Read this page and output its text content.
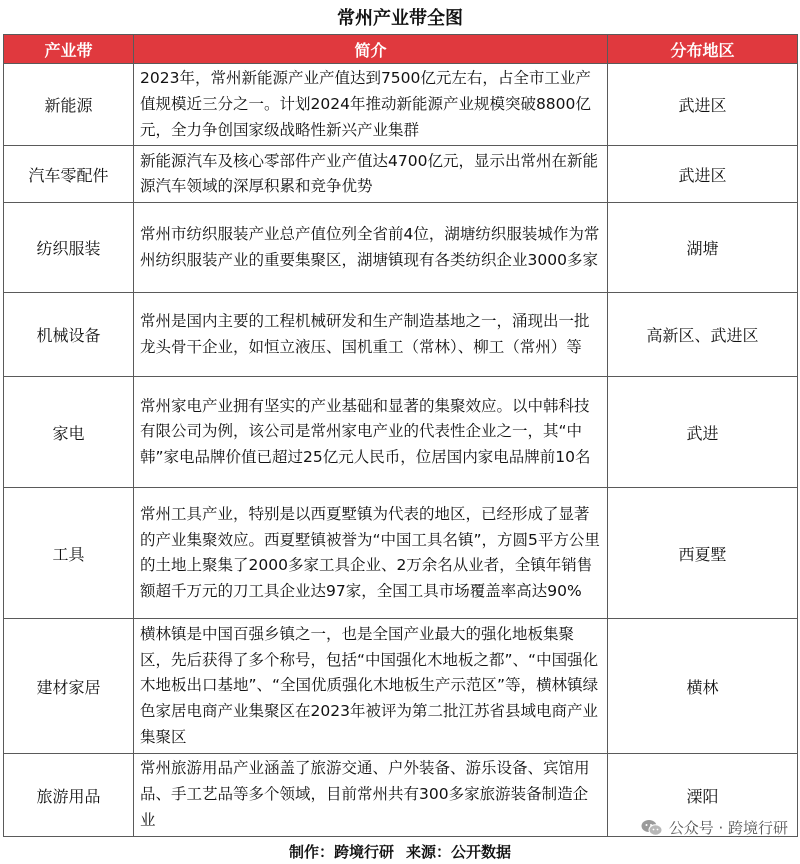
常州产业带全图
产业带	简介	分布地区
新能源	2023年，常州新能源产业产值达到7500亿元左右，占全市工业产值规模近三分之一。计划2024年推动新能源产业规模突破8800亿元，全力争创国家级战略性新兴产业集群	武进区
汽车零配件	新能源汽车及核心零部件产业产值达4700亿元，显示出常州在新能源汽车领域的深厚积累和竞争优势	武进区
纺织服装	常州市纺织服装产业总产值位列全省前4位，湖塘纺织服装城作为常州纺织服装产业的重要集聚区，湖塘镇现有各类纺织企业3000多家	湖塘
机械设备	常州是国内主要的工程机械研发和生产制造基地之一，涌现出一批龙头骨干企业，如恒立液压、国机重工（常林）、柳工（常州）等	高新区、武进区
家电	常州家电产业拥有坚实的产业基础和显著的集聚效应。以中韩科技有限公司为例，该公司是常州家电产业的代表性企业之一，其“中韩”家电品牌价值已超过25亿元人民币，位居国内家电品牌前10名	武进
工具	常州工具产业，特别是以西夏墅镇为代表的地区，已经形成了显著的产业集聚效应。西夏墅镇被誉为“中国工具名镇”，方圆5平方公里的土地上聚集了2000多家工具企业、2万余名从业者，全镇年销售额超千万元的刀工具企业达97家，全国工具市场覆盖率高达90%	西夏墅
建材家居	横林镇是中国百强乡镇之一，也是全国产业最大的强化地板集聚区，先后获得了多个称号，包括“中国强化木地板之都”、“中国强化木地板出口基地”、“全国优质强化木地板生产示范区”等，横林镇绿色家居电商产业集聚区在2023年被评为第二批江苏省县域电商产业集聚区	横林
旅游用品	常州旅游用品产业涵盖了旅游交通、户外装备、游乐设备、宾馆用品、手工艺品等多个领域，目前常州共有300多家旅游装备制造企业	溧阳
公众号 · 跨境行研
制作：跨境行研 来源：公开数据
